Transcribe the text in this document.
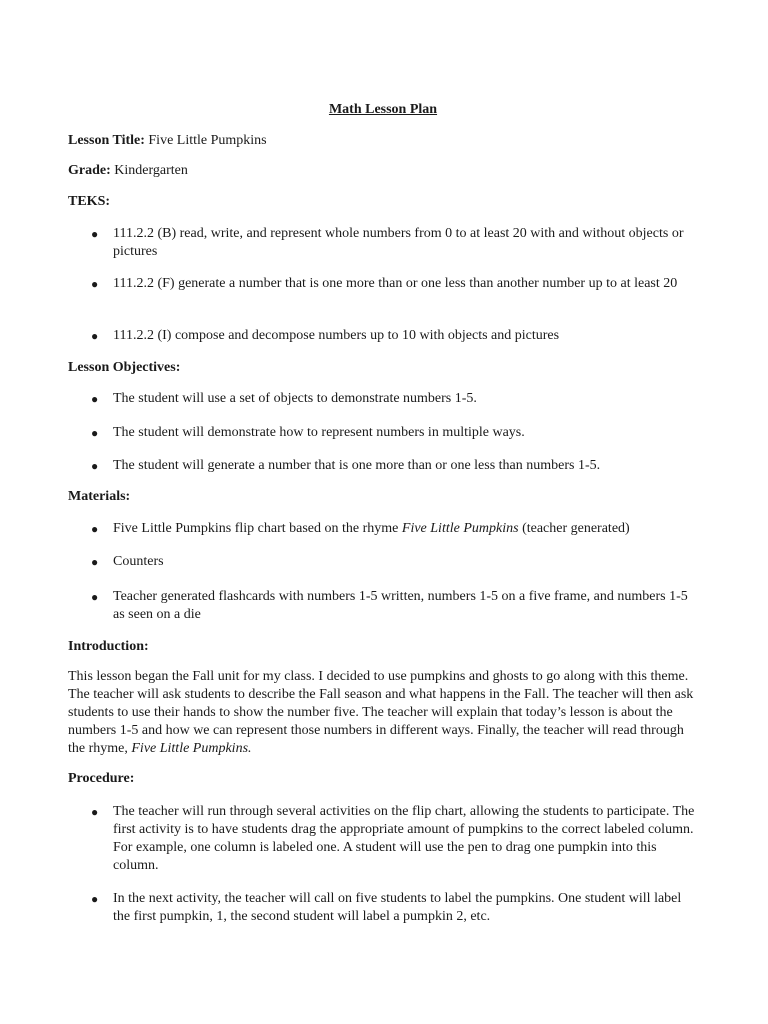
Math Lesson Plan
Lesson Title: Five Little Pumpkins
Grade: Kindergarten
TEKS:
● 111.2.2 (B) read, write, and represent whole numbers from 0 to at least 20 with and without objects or pictures
● 111.2.2 (F) generate a number that is one more than or one less than another number up to at least 20
● 111.2.2 (I) compose and decompose numbers up to 10 with objects and pictures
Lesson Objectives:
● The student will use a set of objects to demonstrate numbers 1-5.
● The student will demonstrate how to represent numbers in multiple ways.
● The student will generate a number that is one more than or one less than numbers 1-5.
Materials:
● Five Little Pumpkins flip chart based on the rhyme Five Little Pumpkins (teacher generated)
● Counters
● Teacher generated flashcards with numbers 1-5 written, numbers 1-5 on a five frame, and numbers 1-5 as seen on a die
Introduction:
This lesson began the Fall unit for my class. I decided to use pumpkins and ghosts to go along with this theme. The teacher will ask students to describe the Fall season and what happens in the Fall. The teacher will then ask students to use their hands to show the number five. The teacher will explain that today’s lesson is about the numbers 1-5 and how we can represent those numbers in different ways. Finally, the teacher will read through the rhyme, Five Little Pumpkins.
Procedure:
● The teacher will run through several activities on the flip chart, allowing the students to participate. The first activity is to have students drag the appropriate amount of pumpkins to the correct labeled column. For example, one column is labeled one. A student will use the pen to drag one pumpkin into this column.
● In the next activity, the teacher will call on five students to label the pumpkins. One student will label the first pumpkin, 1, the second student will label a pumpkin 2, etc.
